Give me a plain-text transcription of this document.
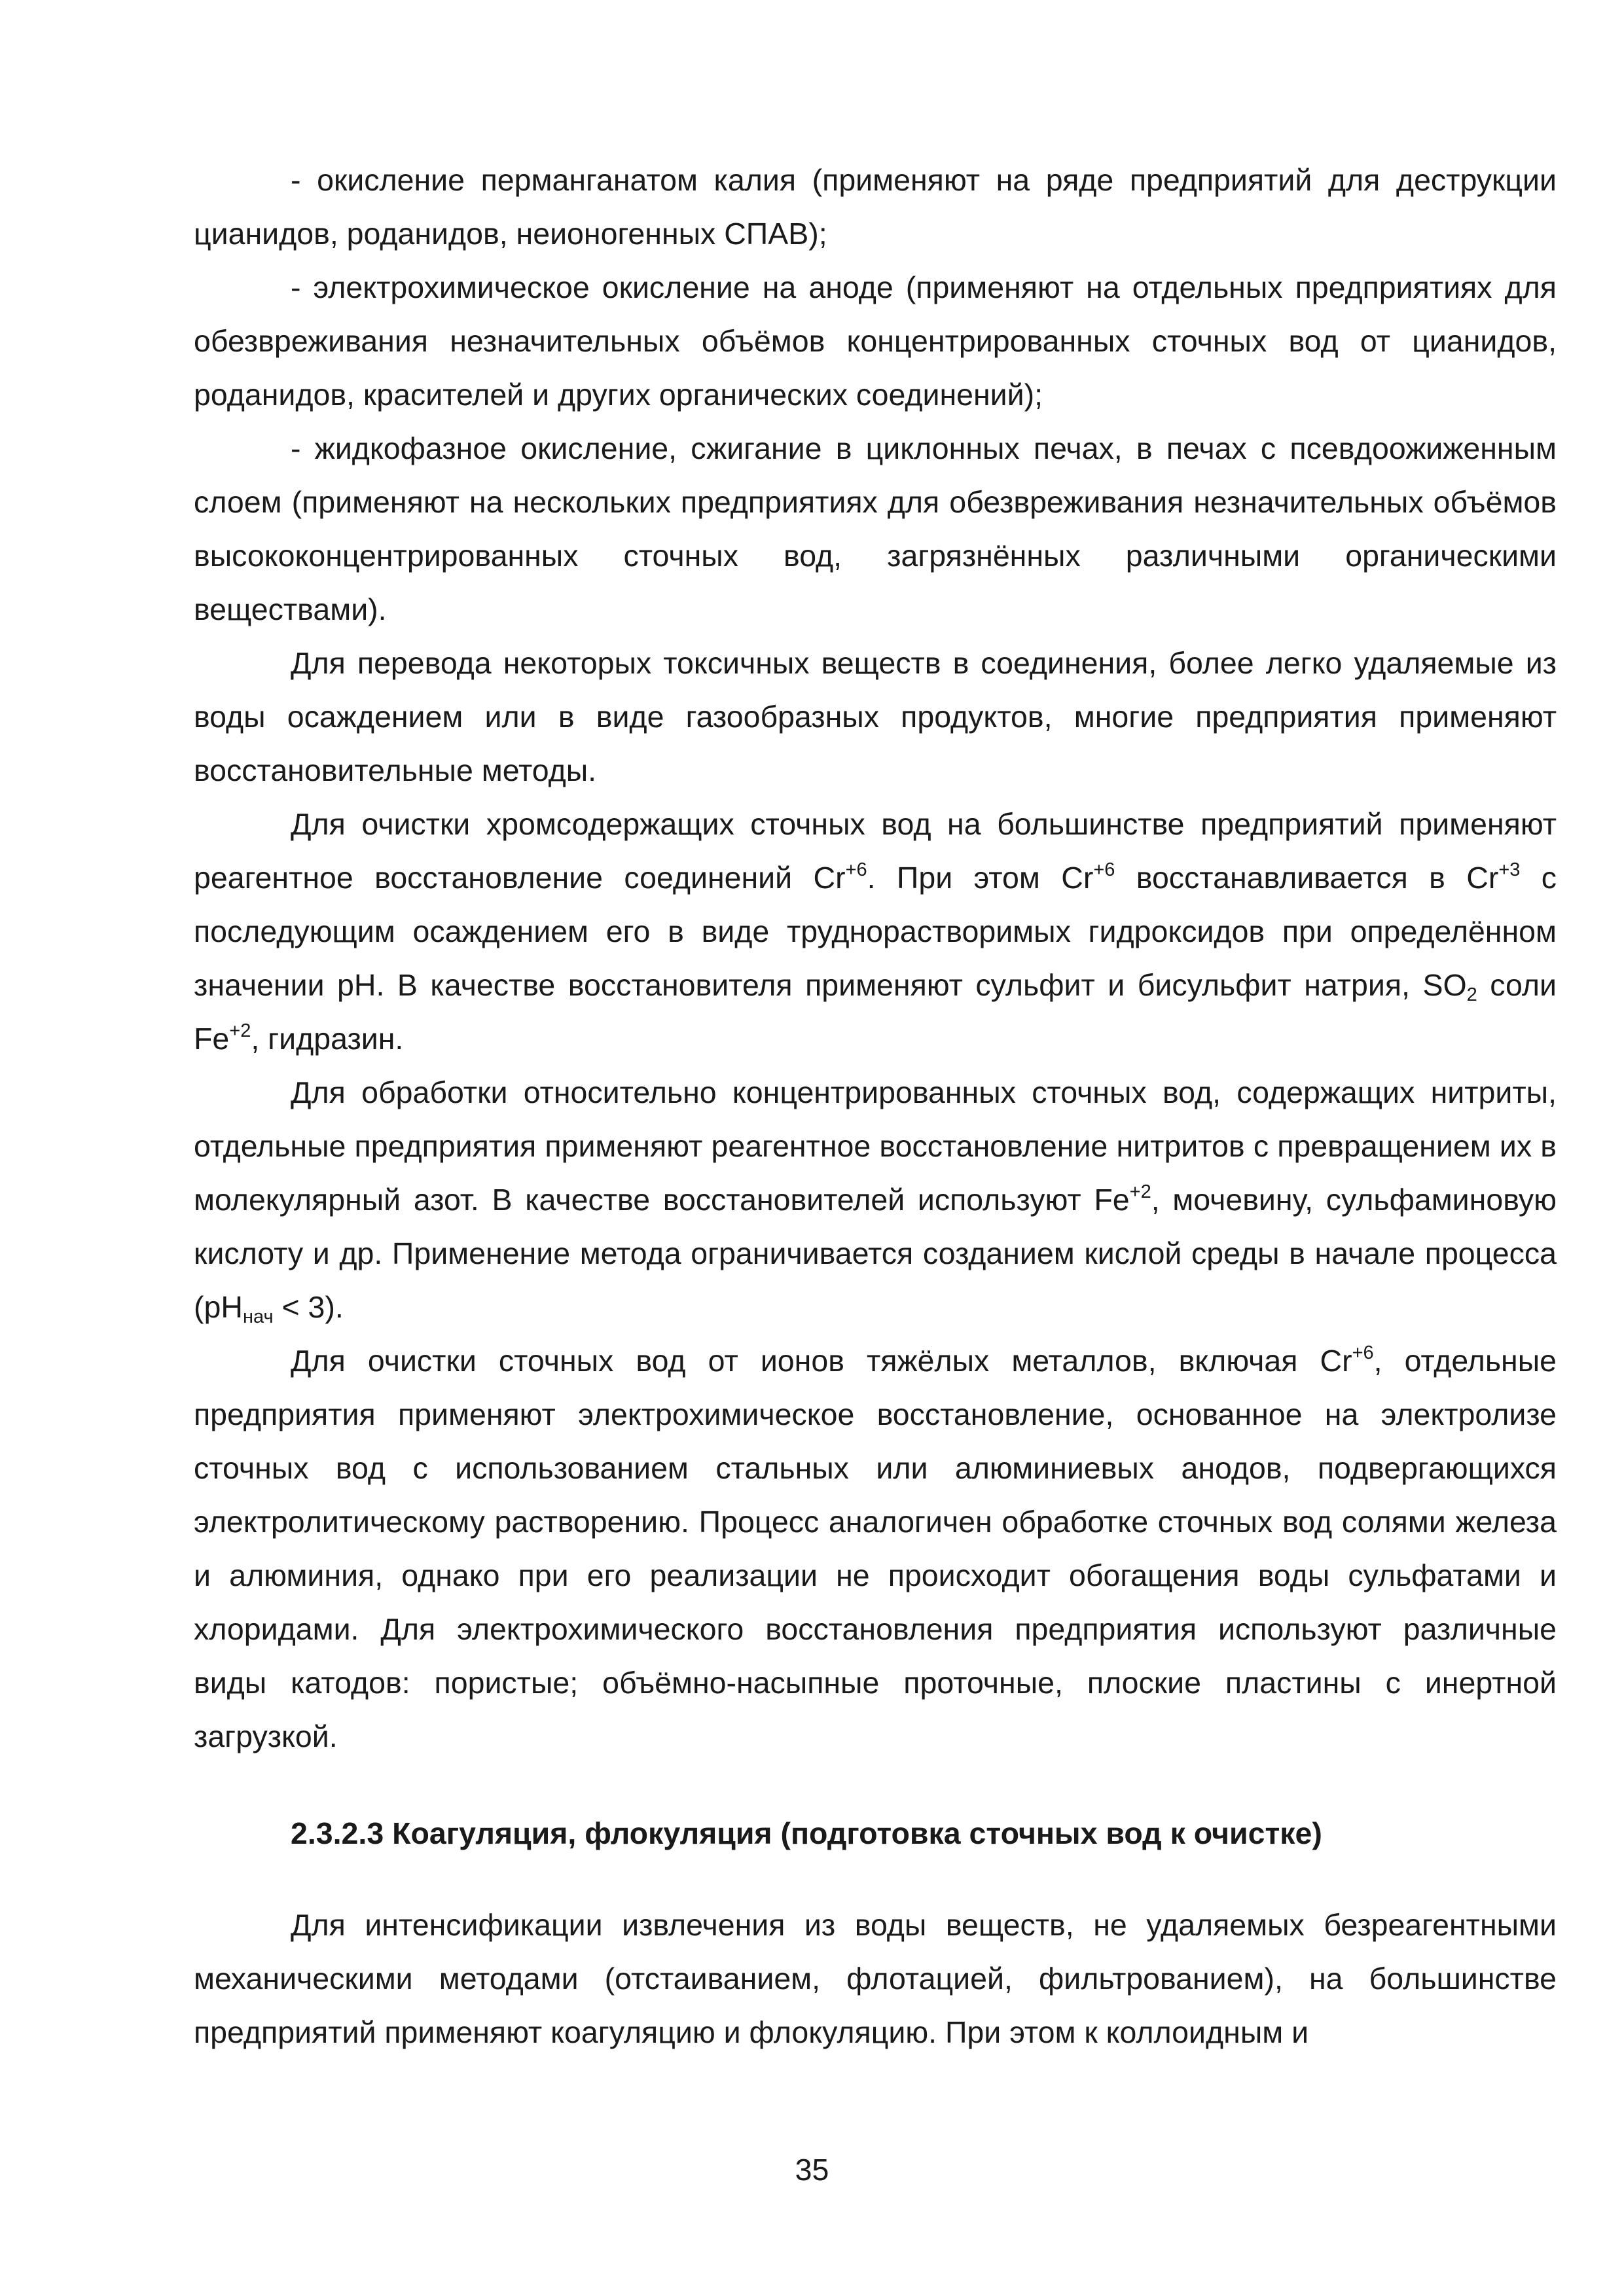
- окисление перманганатом калия (применяют на ряде предприятий для деструкции цианидов, роданидов, неионогенных СПАВ);

- электрохимическое окисление на аноде (применяют на отдельных предприятиях для обезвреживания незначительных объёмов концентрированных сточных вод от цианидов, роданидов, красителей и других органических соединений);

- жидкофазное окисление, сжигание в циклонных печах, в печах с псевдоожиженным слоем (применяют на нескольких предприятиях для обезвреживания незначительных объёмов высококонцентрированных сточных вод, загрязнённых различными органическими веществами).

Для перевода некоторых токсичных веществ в соединения, более легко удаляемые из воды осаждением или в виде газообразных продуктов, многие предприятия применяют восстановительные методы.

Для очистки хромсодержащих сточных вод на большинстве предприятий применяют реагентное восстановление соединений $Cr^{+6}$. При этом $Cr^{+6}$ восстанавливается в $Cr^{+3}$ с последующим осаждением его в виде труднорастворимых гидроксидов при определённом значении pH. В качестве восстановителя применяют сульфит и бисульфит натрия, $SO_2$ соли $Fe^{+2}$, гидразин.

Для обработки относительно концентрированных сточных вод, содержащих нитриты, отдельные предприятия применяют реагентное восстановление нитритов с превращением их в молекулярный азот. В качестве восстановителей используют $Fe^{+2}$, мочевину, сульфаминовую кислоту и др. Применение метода ограничивается созданием кислой среды в начале процесса $(pH_{нач} < 3)$.

Для очистки сточных вод от ионов тяжёлых металлов, включая $Cr^{+6}$, отдельные предприятия применяют электрохимическое восстановление, основанное на электролизе сточных вод с использованием стальных или алюминиевых анодов, подвергающихся электролитическому растворению. Процесс аналогичен обработке сточных вод солями железа и алюминия, однако при его реализации не происходит обогащения воды сульфатами и хлоридами. Для электрохимического восстановления предприятия используют различные виды катодов: пористые; объёмно-насыпные проточные, плоские пластины с инертной загрузкой.

2.3.2.3 Коагуляция, флокуляция (подготовка сточных вод к очистке)

Для интенсификации извлечения из воды веществ, не удаляемых безреагентными механическими методами (отстаиванием, флотацией, фильтрованием), на большинстве предприятий применяют коагуляцию и флокуляцию. При этом к коллоидным и

35
